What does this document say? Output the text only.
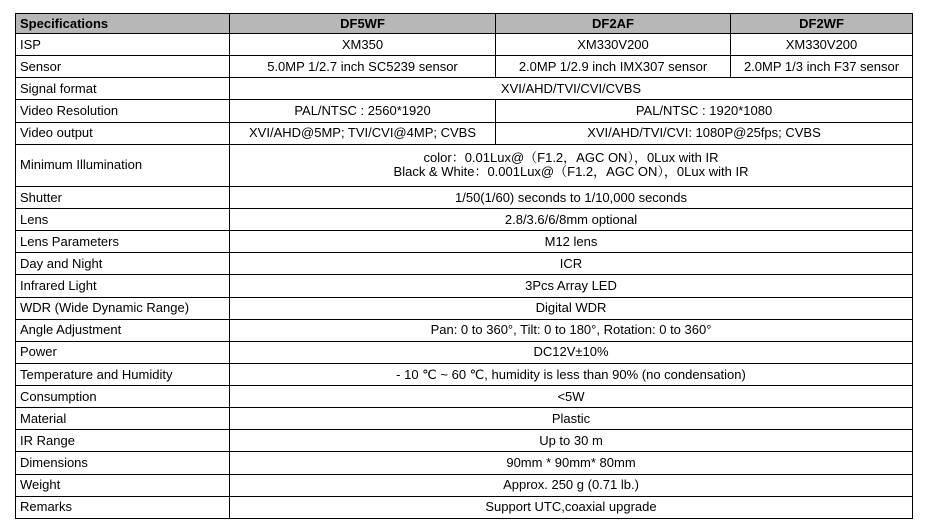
Specifications	DF5WF	DF2AF	DF2WF
ISP	XM350	XM330V200	XM330V200
Sensor	5.0MP 1/2.7 inch SC5239 sensor	2.0MP 1/2.9 inch IMX307 sensor	2.0MP 1/3 inch F37 sensor
Signal format	XVI/AHD/TVI/CVI/CVBS		
Video Resolution	PAL/NTSC : 2560*1920	PAL/NTSC : 1920*1080	
Video output	XVI/AHD@5MP; TVI/CVI@4MP; CVBS	XVI/AHD/TVI/CVI: 1080P@25fps; CVBS	
Minimum Illumination	color：0.01Lux@（F1.2，AGC ON），0Lux with IR
Black & White：0.001Lux@（F1.2，AGC ON），0Lux with IR		

Shutter	1/50(1/60) seconds to 1/10,000 seconds		
Lens	2.8/3.6/6/8mm optional		
Lens Parameters	M12 lens		
Day and Night	ICR		
Infrared Light	3Pcs Array LED		
WDR (Wide Dynamic Range)	Digital WDR		
Angle Adjustment	Pan: 0 to 360°, Tilt: 0 to 180°, Rotation: 0 to 360°		
Power	DC12V±10%		
Temperature and Humidity	- 10 ℃ ~ 60 ℃, humidity is less than 90% (no condensation)		
Consumption	<5W		
Material	Plastic		
IR Range	Up to 30 m		
Dimensions	90mm * 90mm* 80mm		
Weight	Approx. 250 g (0.71 lb.)		
Remarks	Support UTC,coaxial upgrade		
